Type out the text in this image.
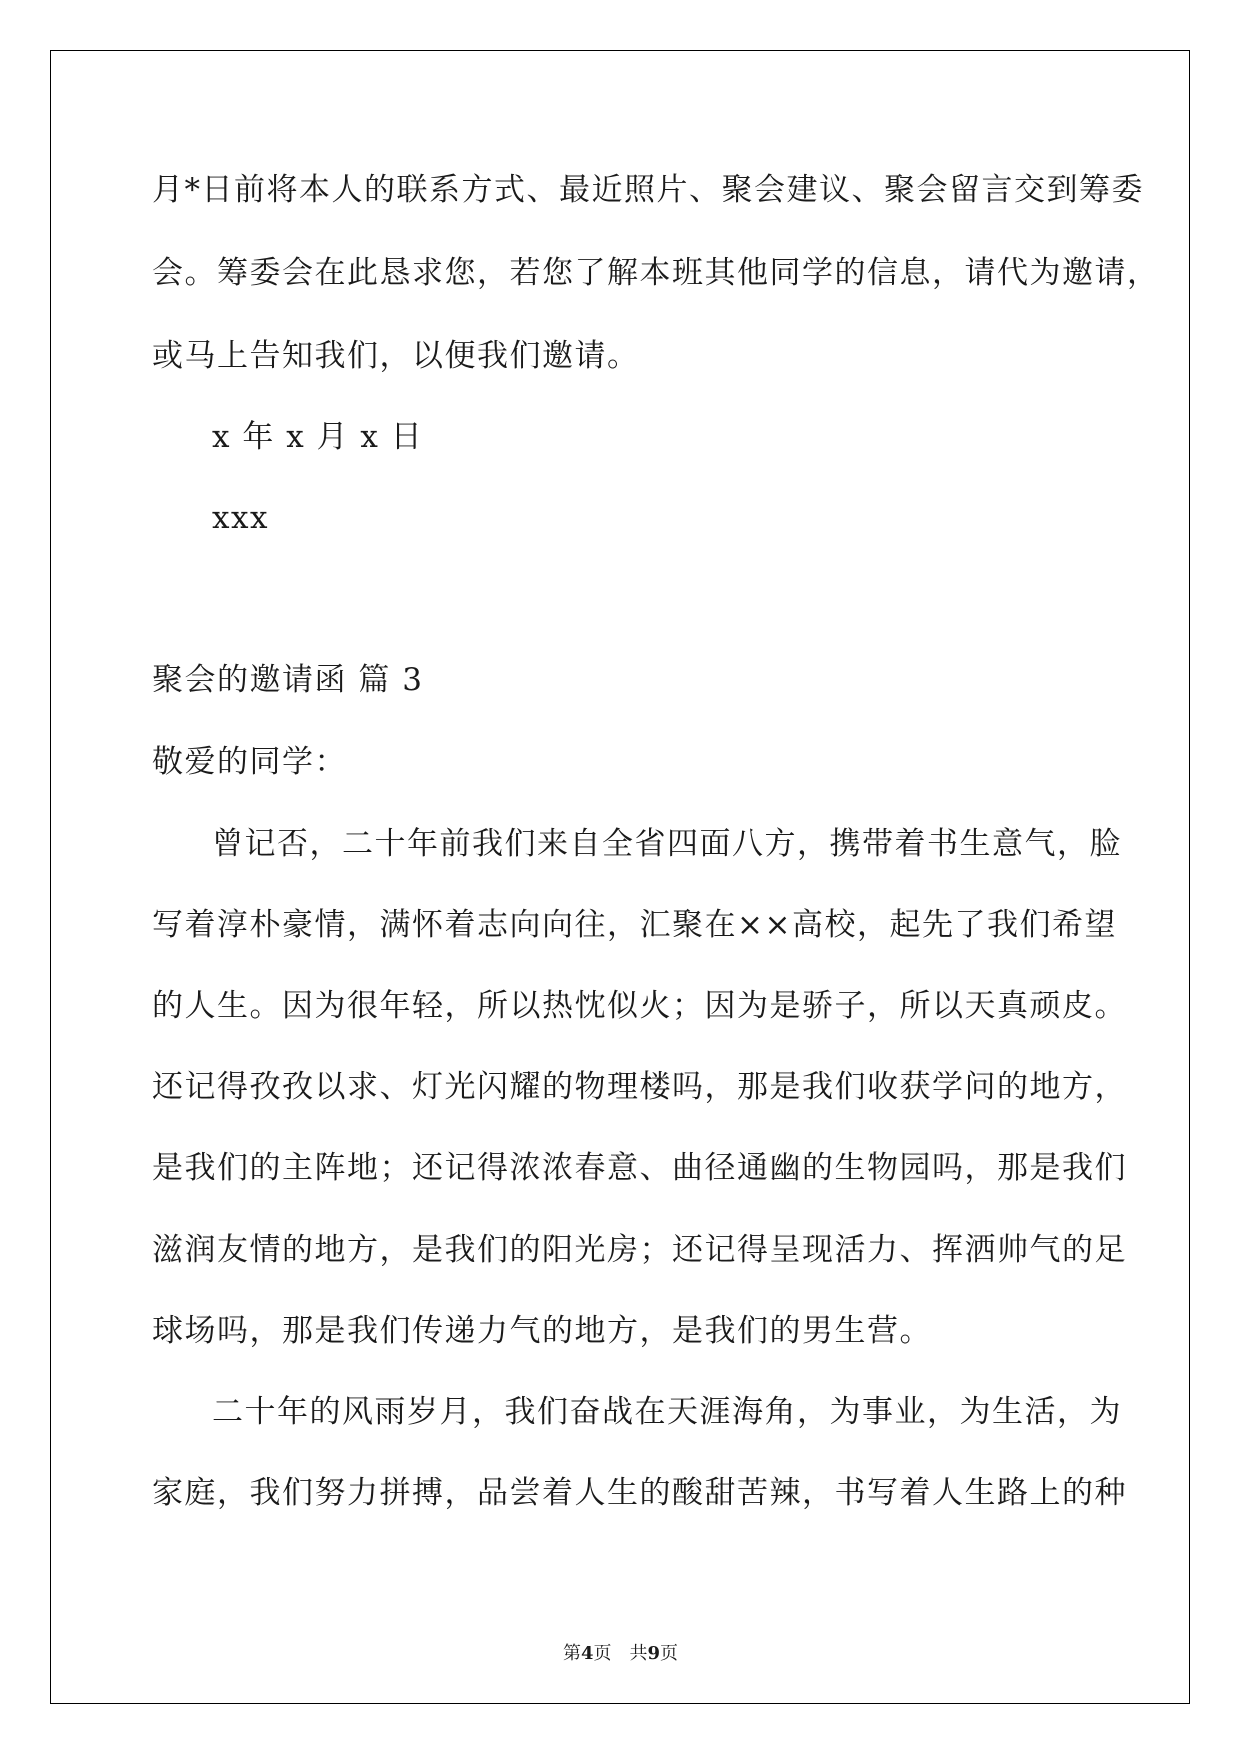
月*日前将本人的联系方式、最近照片、聚会建议、聚会留言交到筹委
会。筹委会在此恳求您，若您了解本班其他同学的信息，请代为邀请，
或马上告知我们，以便我们邀请。
x 年 x 月 x 日
xxx
聚会的邀请函 篇 3
敬爱的同学：
曾记否，二十年前我们来自全省四面八方，携带着书生意气，脸
写着淳朴豪情，满怀着志向向往，汇聚在××高校，起先了我们希望
的人生。因为很年轻，所以热忱似火；因为是骄子，所以天真顽皮。
还记得孜孜以求、灯光闪耀的物理楼吗，那是我们收获学问的地方，
是我们的主阵地；还记得浓浓春意、曲径通幽的生物园吗，那是我们
滋润友情的地方，是我们的阳光房；还记得呈现活力、挥洒帅气的足
球场吗，那是我们传递力气的地方，是我们的男生营。
二十年的风雨岁月，我们奋战在天涯海角，为事业，为生活，为
家庭，我们努力拼搏，品尝着人生的酸甜苦辣，书写着人生路上的种
第4页　共9页
